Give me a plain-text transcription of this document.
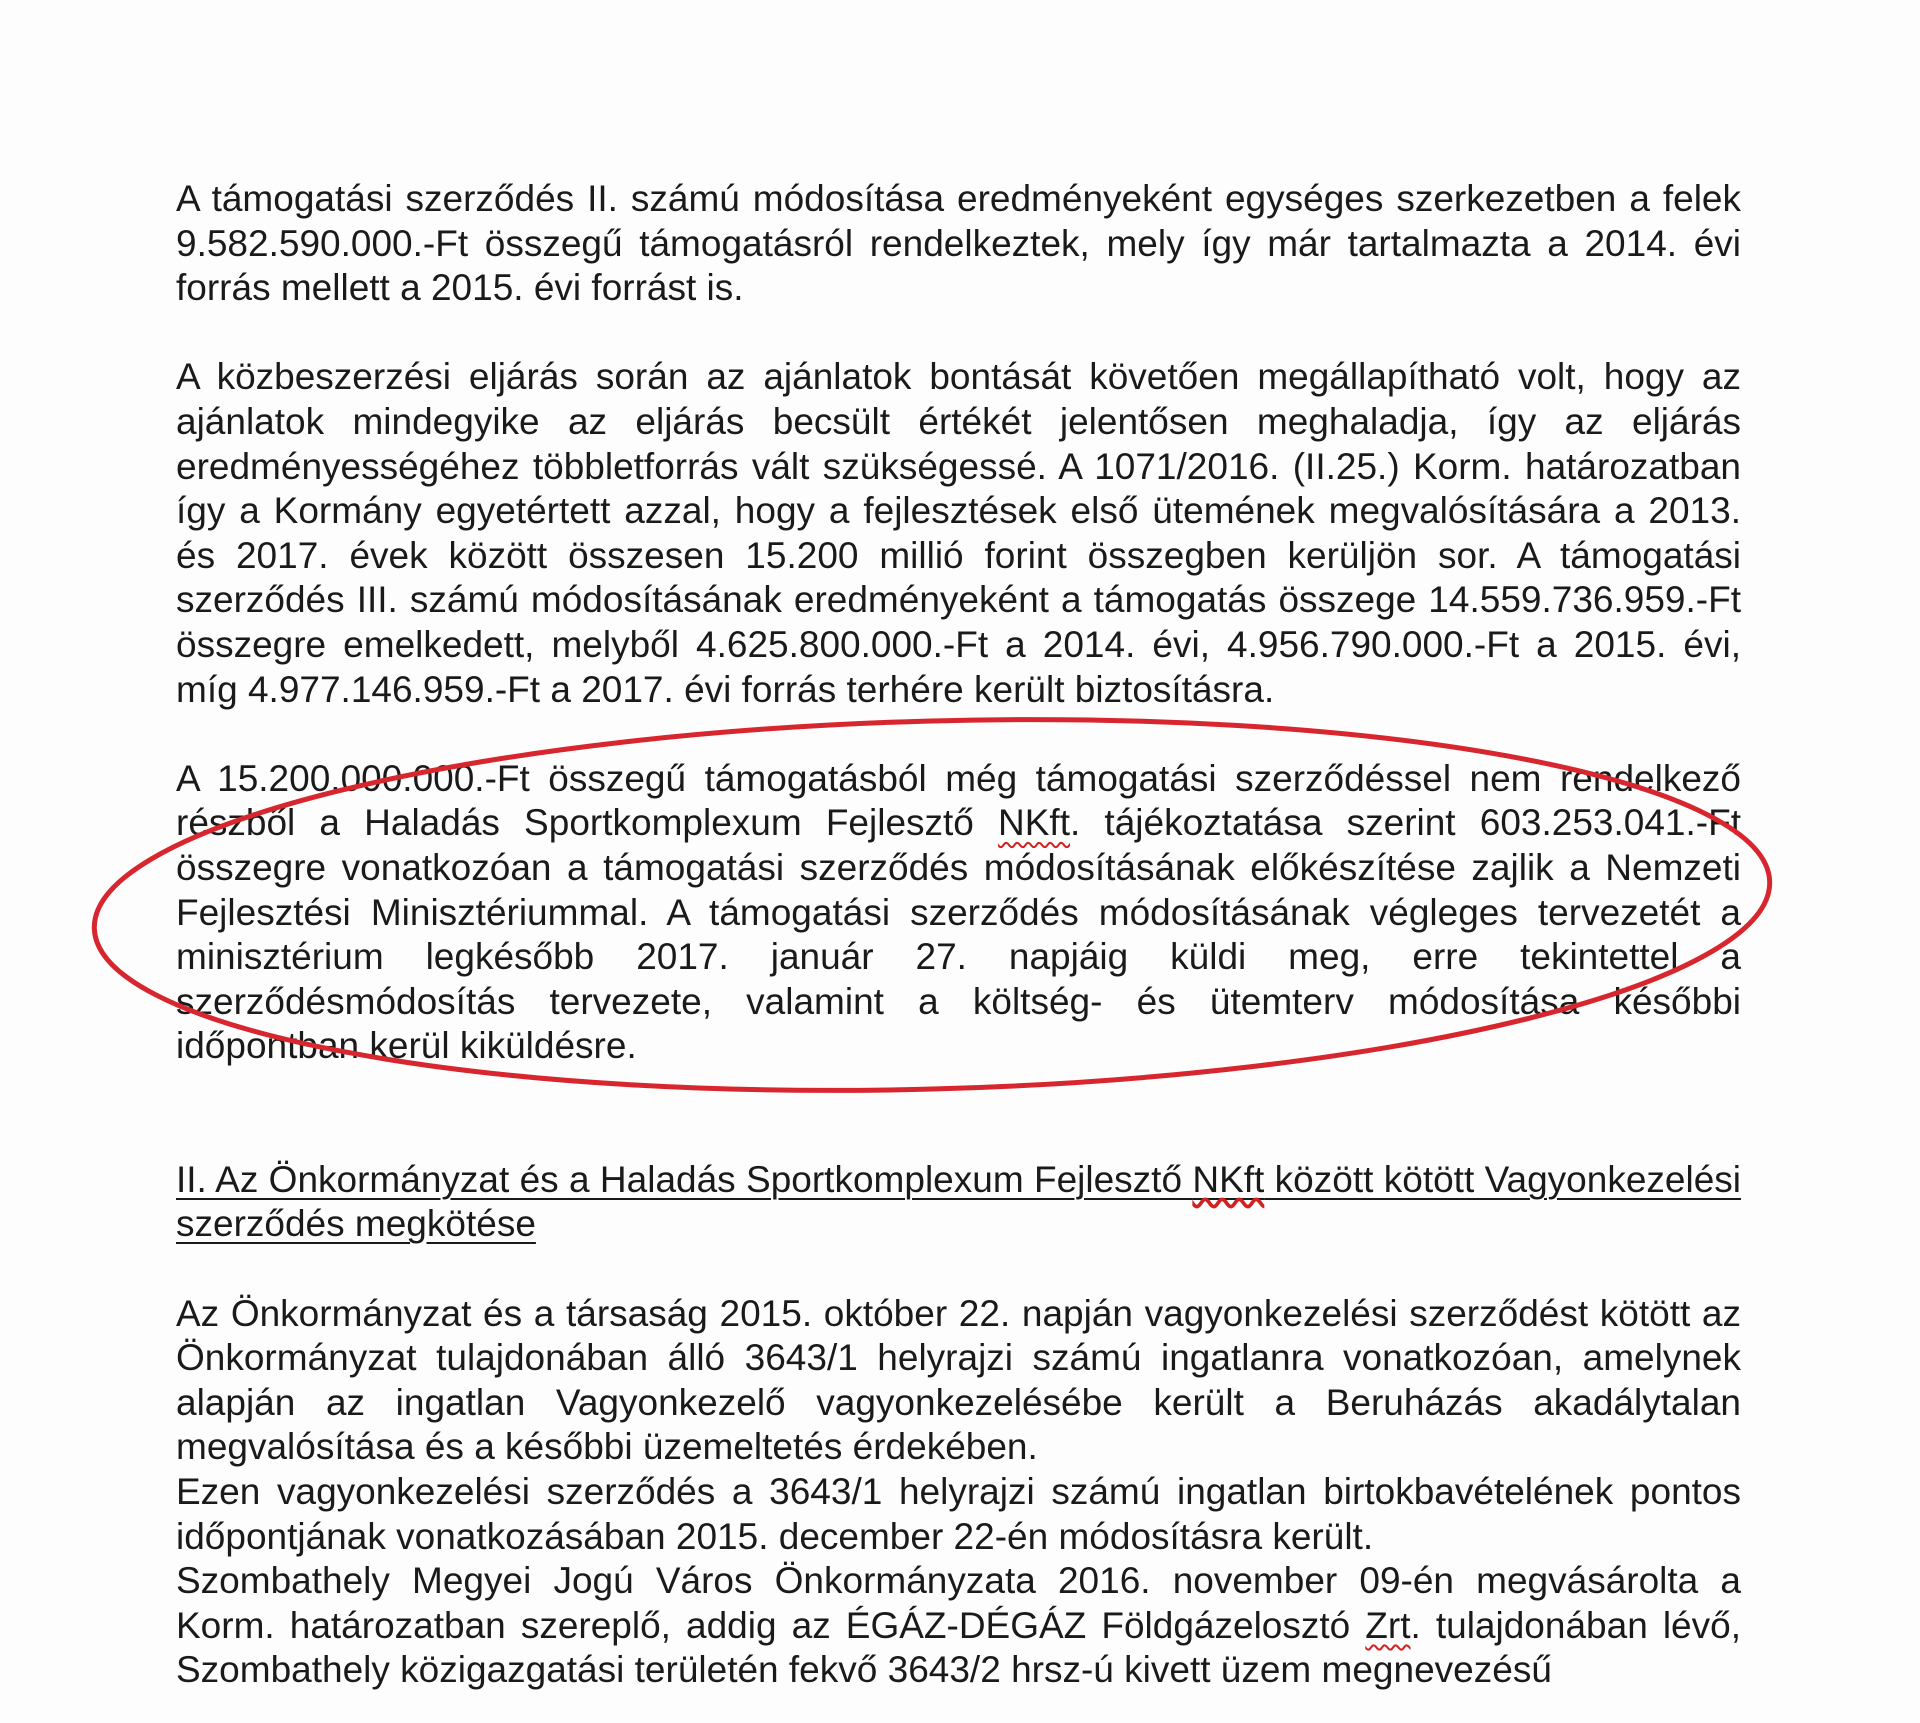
A támogatási szerződés II. számú módosítása eredményeként egységes szerkezetben a felek 9.582.590.000.-Ft összegű támogatásról rendelkeztek, mely így már tartalmazta a 2014. évi forrás mellett a 2015. évi forrást is.

A közbeszerzési eljárás során az ajánlatok bontását követően megállapítható volt, hogy az ajánlatok mindegyike az eljárás becsült értékét jelentősen meghaladja, így az eljárás eredményességéhez többletforrás vált szükségessé. A 1071/2016. (II.25.) Korm. határozatban így a Kormány egyetértett azzal, hogy a fejlesztések első ütemének megvalósítására a 2013. és 2017. évek között összesen 15.200 millió forint összegben kerüljön sor. A támogatási szerződés III. számú módosításának eredményeként a támogatás összege 14.559.736.959.-Ft összegre emelkedett, melyből 4.625.800.000.-Ft a 2014. évi, 4.956.790.000.-Ft a 2015. évi, míg 4.977.146.959.-Ft a 2017. évi forrás terhére került biztosításra.

A 15.200.000.000.-Ft összegű támogatásból még támogatási szerződéssel nem rendelkező részből a Haladás Sportkomplexum Fejlesztő NKft. tájékoztatása szerint 603.253.041.-Ft összegre vonatkozóan a támogatási szerződés módosításának előkészítése zajlik a Nemzeti Fejlesztési Minisztériummal. A támogatási szerződés módosításának végleges tervezetét a minisztérium legkésőbb 2017. január 27. napjáig küldi meg, erre tekintettel a szerződésmódosítás tervezete, valamint a költség- és ütemterv módosítása későbbi időpontban kerül kiküldésre.

II. Az Önkormányzat és a Haladás Sportkomplexum Fejlesztő NKft között kötött Vagyonkezelési szerződés megkötése

Az Önkormányzat és a társaság 2015. október 22. napján vagyonkezelési szerződést kötött az Önkormányzat tulajdonában álló 3643/1 helyrajzi számú ingatlanra vonatkozóan, amelynek alapján az ingatlan Vagyonkezelő vagyonkezelésébe került a Beruházás akadálytalan megvalósítása és a későbbi üzemeltetés érdekében.

Ezen vagyonkezelési szerződés a 3643/1 helyrajzi számú ingatlan birtokbavételének pontos időpontjának vonatkozásában 2015. december 22-én módosításra került.

Szombathely Megyei Jogú Város Önkormányzata 2016. november 09-én megvásárolta a Korm. határozatban szereplő, addig az ÉGÁZ-DÉGÁZ Földgázelosztó Zrt. tulajdonában lévő, Szombathely közigazgatási területén fekvő 3643/2 hrsz-ú kivett üzem megnevezésű
